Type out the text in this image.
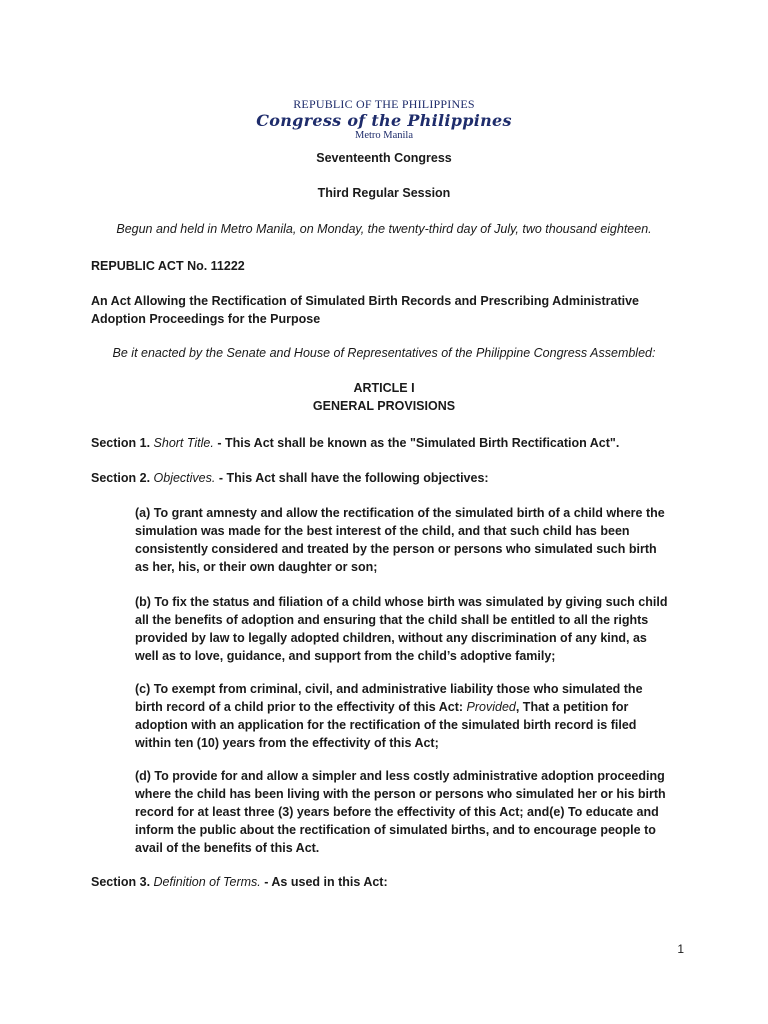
REPUBLIC OF THE PHILIPPINES
Congress of the Philippines
Metro Manila
Seventeenth Congress
Third Regular Session
Begun and held in Metro Manila, on Monday, the twenty-third day of July, two thousand eighteen.
REPUBLIC ACT No. 11222
An Act Allowing the Rectification of Simulated Birth Records and Prescribing Administrative Adoption Proceedings for the Purpose
Be it enacted by the Senate and House of Representatives of the Philippine Congress Assembled:
ARTICLE I
GENERAL PROVISIONS
Section 1. Short Title. - This Act shall be known as the "Simulated Birth Rectification Act".
Section 2. Objectives. - This Act shall have the following objectives:
(a) To grant amnesty and allow the rectification of the simulated birth of a child where the simulation was made for the best interest of the child, and that such child has been consistently considered and treated by the person or persons who simulated such birth as her, his, or their own daughter or son;
(b) To fix the status and filiation of a child whose birth was simulated by giving such child all the benefits of adoption and ensuring that the child shall be entitled to all the rights provided by law to legally adopted children, without any discrimination of any kind, as well as to love, guidance, and support from the child’s adoptive family;
(c) To exempt from criminal, civil, and administrative liability those who simulated the birth record of a child prior to the effectivity of this Act: Provided, That a petition for adoption with an application for the rectification of the simulated birth record is filed within ten (10) years from the effectivity of this Act;
(d) To provide for and allow a simpler and less costly administrative adoption proceeding where the child has been living with the person or persons who simulated her or his birth record for at least three (3) years before the effectivity of this Act; and(e) To educate and inform the public about the rectification of simulated births, and to encourage people to avail of the benefits of this Act.
Section 3. Definition of Terms. - As used in this Act:
1
